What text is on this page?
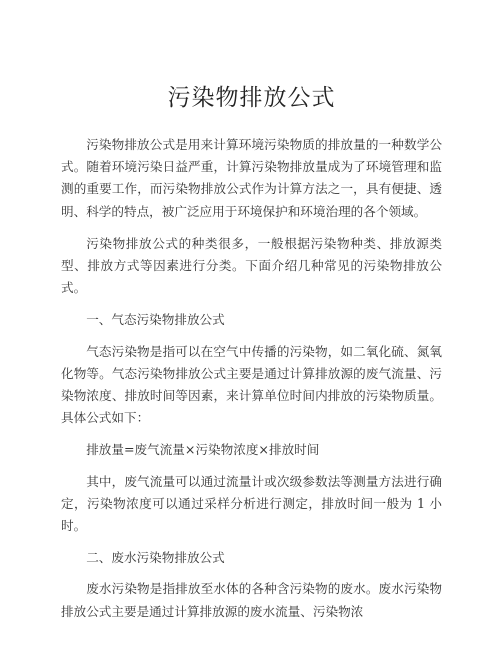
污染物排放公式

污染物排放公式是用来计算环境污染物质的排放量的一种数学公式。随着环境污染日益严重，计算污染物排放量成为了环境管理和监测的重要工作，而污染物排放公式作为计算方法之一，具有便捷、透明、科学的特点，被广泛应用于环境保护和环境治理的各个领域。

污染物排放公式的种类很多，一般根据污染物种类、排放源类型、排放方式等因素进行分类。下面介绍几种常见的污染物排放公式。

一、气态污染物排放公式

气态污染物是指可以在空气中传播的污染物，如二氧化硫、氮氧化物等。气态污染物排放公式主要是通过计算排放源的废气流量、污染物浓度、排放时间等因素，来计算单位时间内排放的污染物质量。具体公式如下：

排放量=废气流量×污染物浓度×排放时间

其中，废气流量可以通过流量计或次级参数法等测量方法进行确定，污染物浓度可以通过采样分析进行测定，排放时间一般为 1 小时。

二、废水污染物排放公式

废水污染物是指排放至水体的各种含污染物的废水。废水污染物排放公式主要是通过计算排放源的废水流量、污染物浓
